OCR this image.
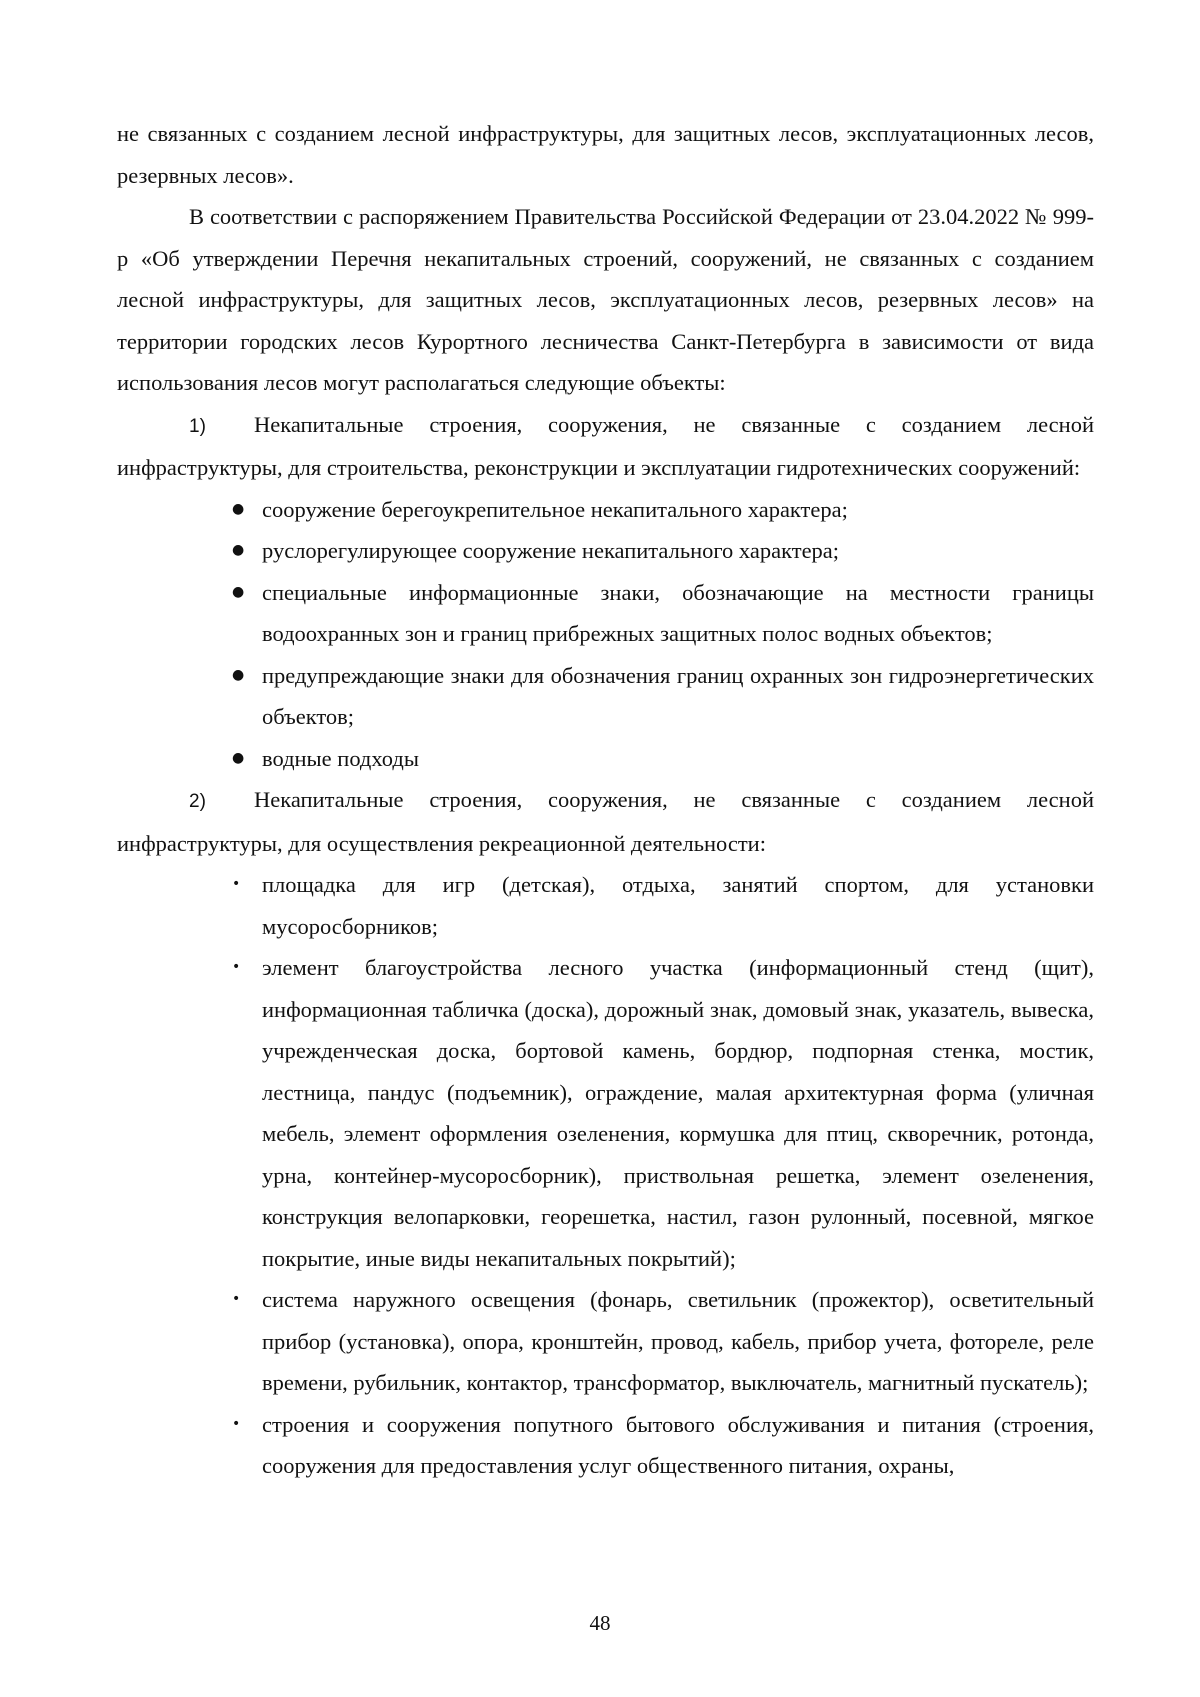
не связанных с созданием лесной инфраструктуры, для защитных лесов, эксплуатационных лесов, резервных лесов».

В соответствии с распоряжением Правительства Российской Федерации от 23.04.2022 № 999-р «Об утверждении Перечня некапитальных строений, сооружений, не связанных с созданием лесной инфраструктуры, для защитных лесов, эксплуатационных лесов, резервных лесов» на территории городских лесов Курортного лесничества Санкт-Петербурга в зависимости от вида использования лесов могут располагаться следующие объекты:

1) Некапитальные строения, сооружения, не связанные с созданием лесной инфраструктуры, для строительства, реконструкции и эксплуатации гидротехнических сооружений:

● сооружение берегоукрепительное некапитального характера;
● руслорегулирующее сооружение некапитального характера;
● специальные информационные знаки, обозначающие на местности границы водоохранных зон и границ прибрежных защитных полос водных объектов;
● предупреждающие знаки для обозначения границ охранных зон гидроэнергетических объектов;
● водные подходы

2) Некапитальные строения, сооружения, не связанные с созданием лесной инфраструктуры, для осуществления рекреационной деятельности:

• площадка для игр (детская), отдыха, занятий спортом, для установки мусоросборников;
• элемент благоустройства лесного участка (информационный стенд (щит), информационная табличка (доска), дорожный знак, домовый знак, указатель, вывеска, учрежденческая доска, бортовой камень, бордюр, подпорная стенка, мостик, лестница, пандус (подъемник), ограждение, малая архитектурная форма (уличная мебель, элемент оформления озеленения, кормушка для птиц, скворечник, ротонда, урна, контейнер-мусоросборник), приствольная решетка, элемент озеленения, конструкция велопарковки, георешетка, настил, газон рулонный, посевной, мягкое покрытие, иные виды некапитальных покрытий);
• система наружного освещения (фонарь, светильник (прожектор), осветительный прибор (установка), опора, кронштейн, провод, кабель, прибор учета, фотореле, реле времени, рубильник, контактор, трансформатор, выключатель, магнитный пускатель);
• строения и сооружения попутного бытового обслуживания и питания (строения, сооружения для предоставления услуг общественного питания, охраны,
48
